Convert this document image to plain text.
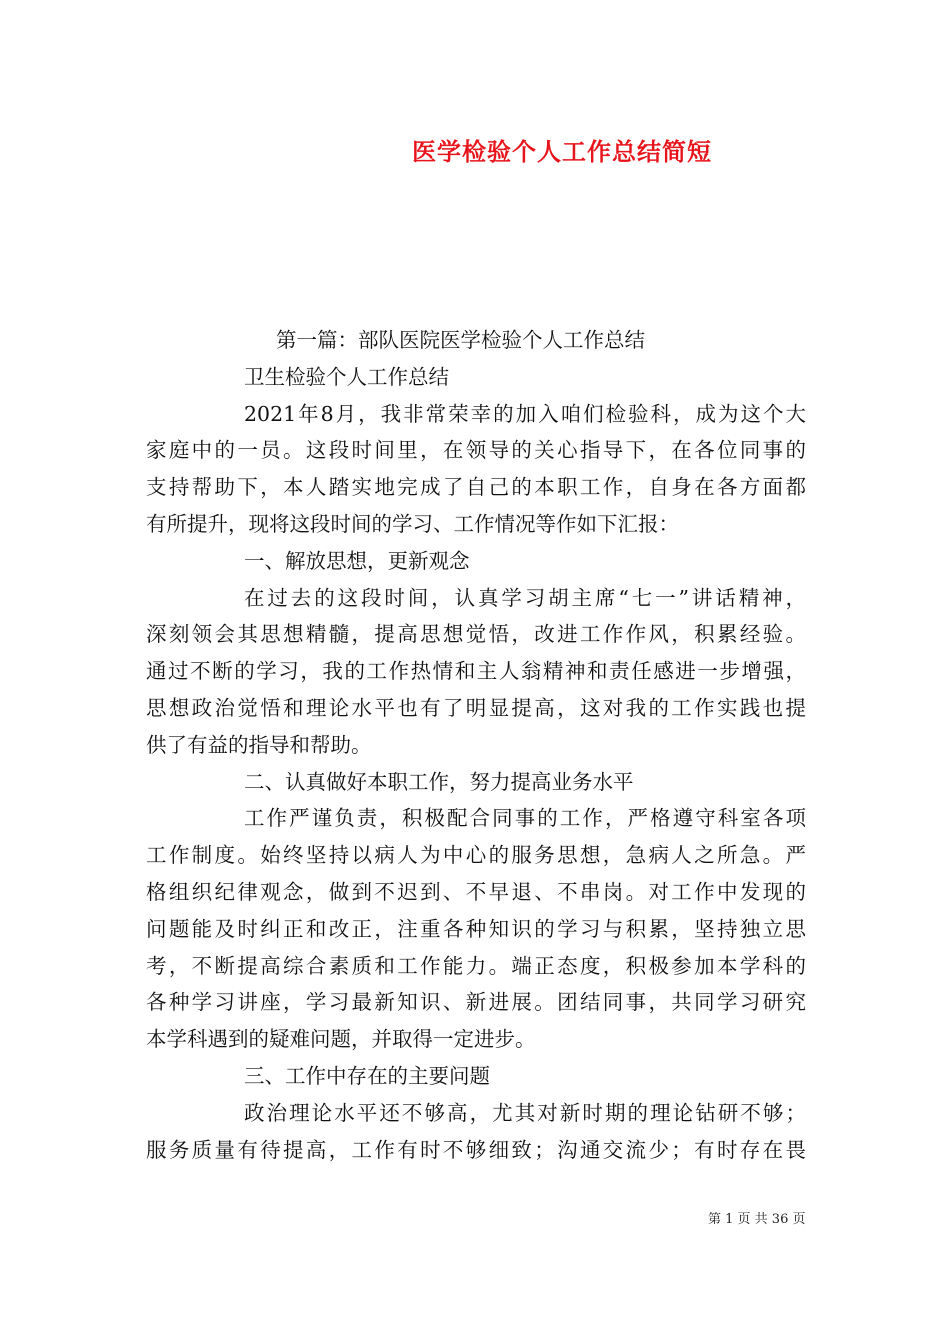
医学检验个人工作总结简短
第一篇：部队医院医学检验个人工作总结
卫生检验个人工作总结
2021年8月，我非常荣幸的加入咱们检验科，成为这个大
家庭中的一员。这段时间里，在领导的关心指导下，在各位同事的
支持帮助下，本人踏实地完成了自己的本职工作，自身在各方面都
有所提升，现将这段时间的学习、工作情况等作如下汇报：
一、解放思想，更新观念
在过去的这段时间，认真学习胡主席“七一”讲话精神，
深刻领会其思想精髓，提高思想觉悟，改进工作作风，积累经验。
通过不断的学习，我的工作热情和主人翁精神和责任感进一步增强，
思想政治觉悟和理论水平也有了明显提高，这对我的工作实践也提
供了有益的指导和帮助。
二、认真做好本职工作，努力提高业务水平
工作严谨负责，积极配合同事的工作，严格遵守科室各项
工作制度。始终坚持以病人为中心的服务思想，急病人之所急。严
格组织纪律观念，做到不迟到、不早退、不串岗。对工作中发现的
问题能及时纠正和改正，注重各种知识的学习与积累，坚持独立思
考，不断提高综合素质和工作能力。端正态度，积极参加本学科的
各种学习讲座，学习最新知识、新进展。团结同事，共同学习研究
本学科遇到的疑难问题，并取得一定进步。
三、工作中存在的主要问题
政治理论水平还不够高，尤其对新时期的理论钻研不够；
服务质量有待提高，工作有时不够细致；沟通交流少；有时存在畏
第 1 页 共 36 页
